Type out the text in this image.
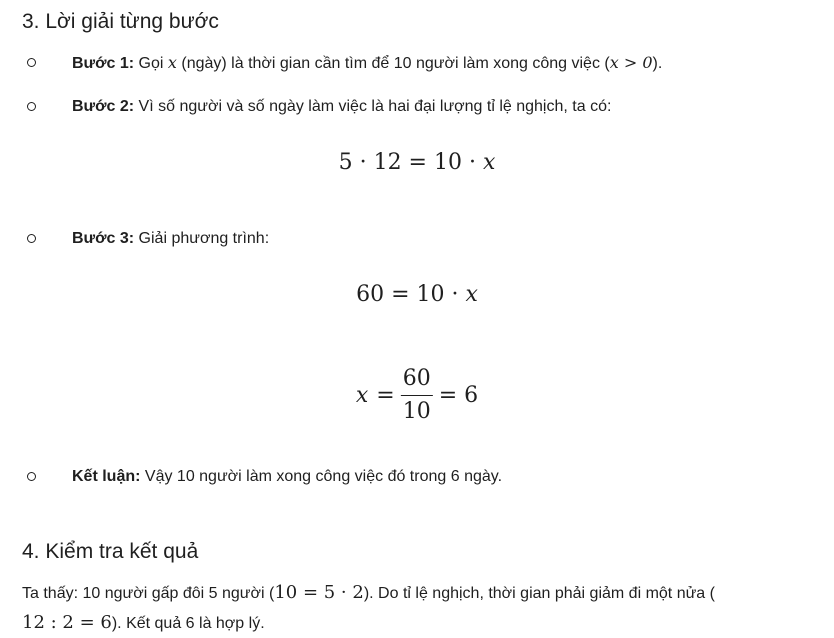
3. Lời giải từng bước
Bước 1: Gọi x (ngày) là thời gian cần tìm để 10 người làm xong công việc (x > 0).
Bước 2: Vì số người và số ngày làm việc là hai đại lượng tỉ lệ nghịch, ta có:
5 · 12 = 10 · x
Bước 3: Giải phương trình:
60 = 10 · x
$x = \frac{60}{10} = 6$
Kết luận: Vậy 10 người làm xong công việc đó trong 6 ngày.
4. Kiểm tra kết quả
Ta thấy: 10 người gấp đôi 5 người (10 = 5 · 2). Do tỉ lệ nghịch, thời gian phải giảm đi một nửa (
12 : 2 = 6). Kết quả 6 là hợp lý.
